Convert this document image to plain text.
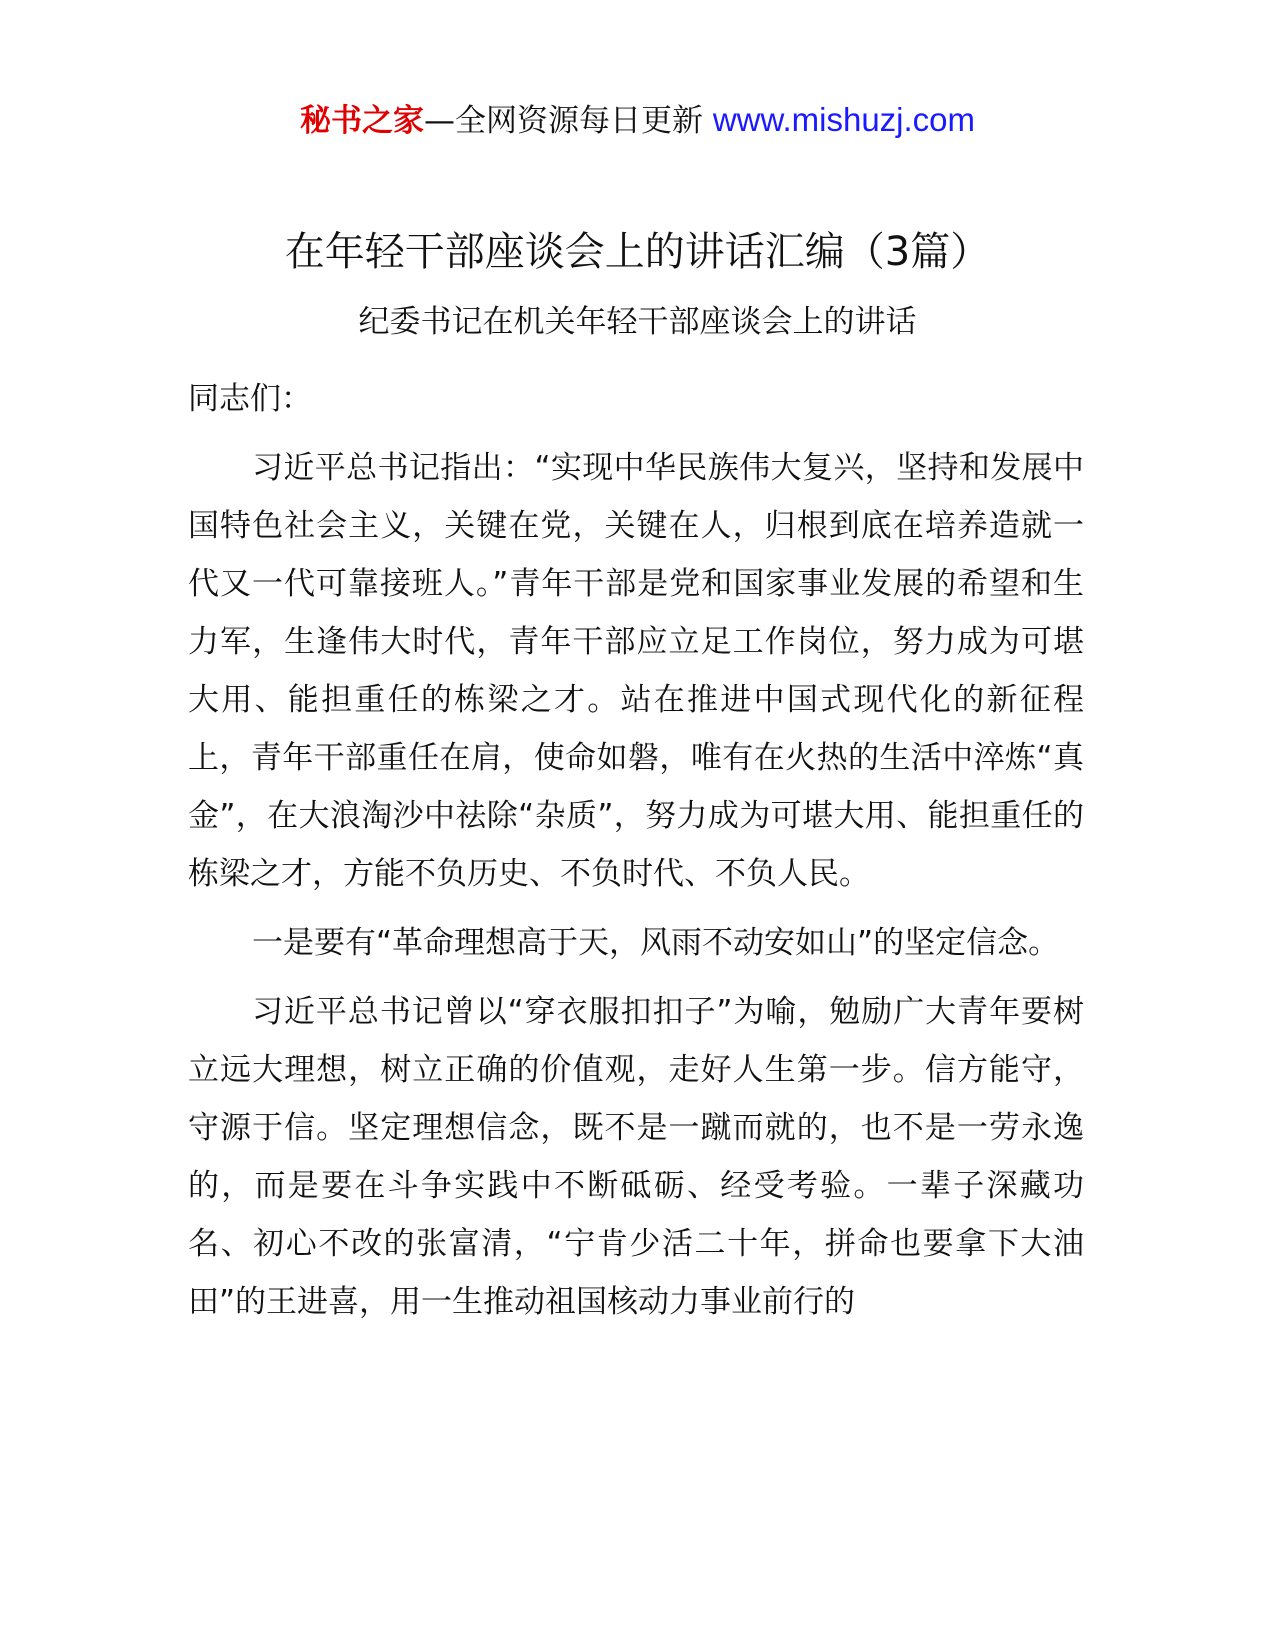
秘书之家—全网资源每日更新 www.mishuzj.com
在年轻干部座谈会上的讲话汇编（3篇）
纪委书记在机关年轻干部座谈会上的讲话

同志们：

习近平总书记指出：“实现中华民族伟大复兴，坚持和发展中国特色社会主义，关键在党，关键在人，归根到底在培养造就一代又一代可靠接班人。”青年干部是党和国家事业发展的希望和生力军，生逢伟大时代，青年干部应立足工作岗位，努力成为可堪大用、能担重任的栋梁之才。站在推进中国式现代化的新征程上，青年干部重任在肩，使命如磐，唯有在火热的生活中淬炼“真金”，在大浪淘沙中祛除“杂质”，努力成为可堪大用、能担重任的栋梁之才，方能不负历史、不负时代、不负人民。

一是要有“革命理想高于天，风雨不动安如山”的坚定信念。

习近平总书记曾以“穿衣服扣扣子”为喻，勉励广大青年要树立远大理想，树立正确的价值观，走好人生第一步。信方能守，守源于信。坚定理想信念，既不是一蹴而就的，也不是一劳永逸的，而是要在斗争实践中不断砥砺、经受考验。一辈子深藏功名、初心不改的张富清，“宁肯少活二十年，拼命也要拿下大油田”的王进喜，用一生推动祖国核动力事业前行的
